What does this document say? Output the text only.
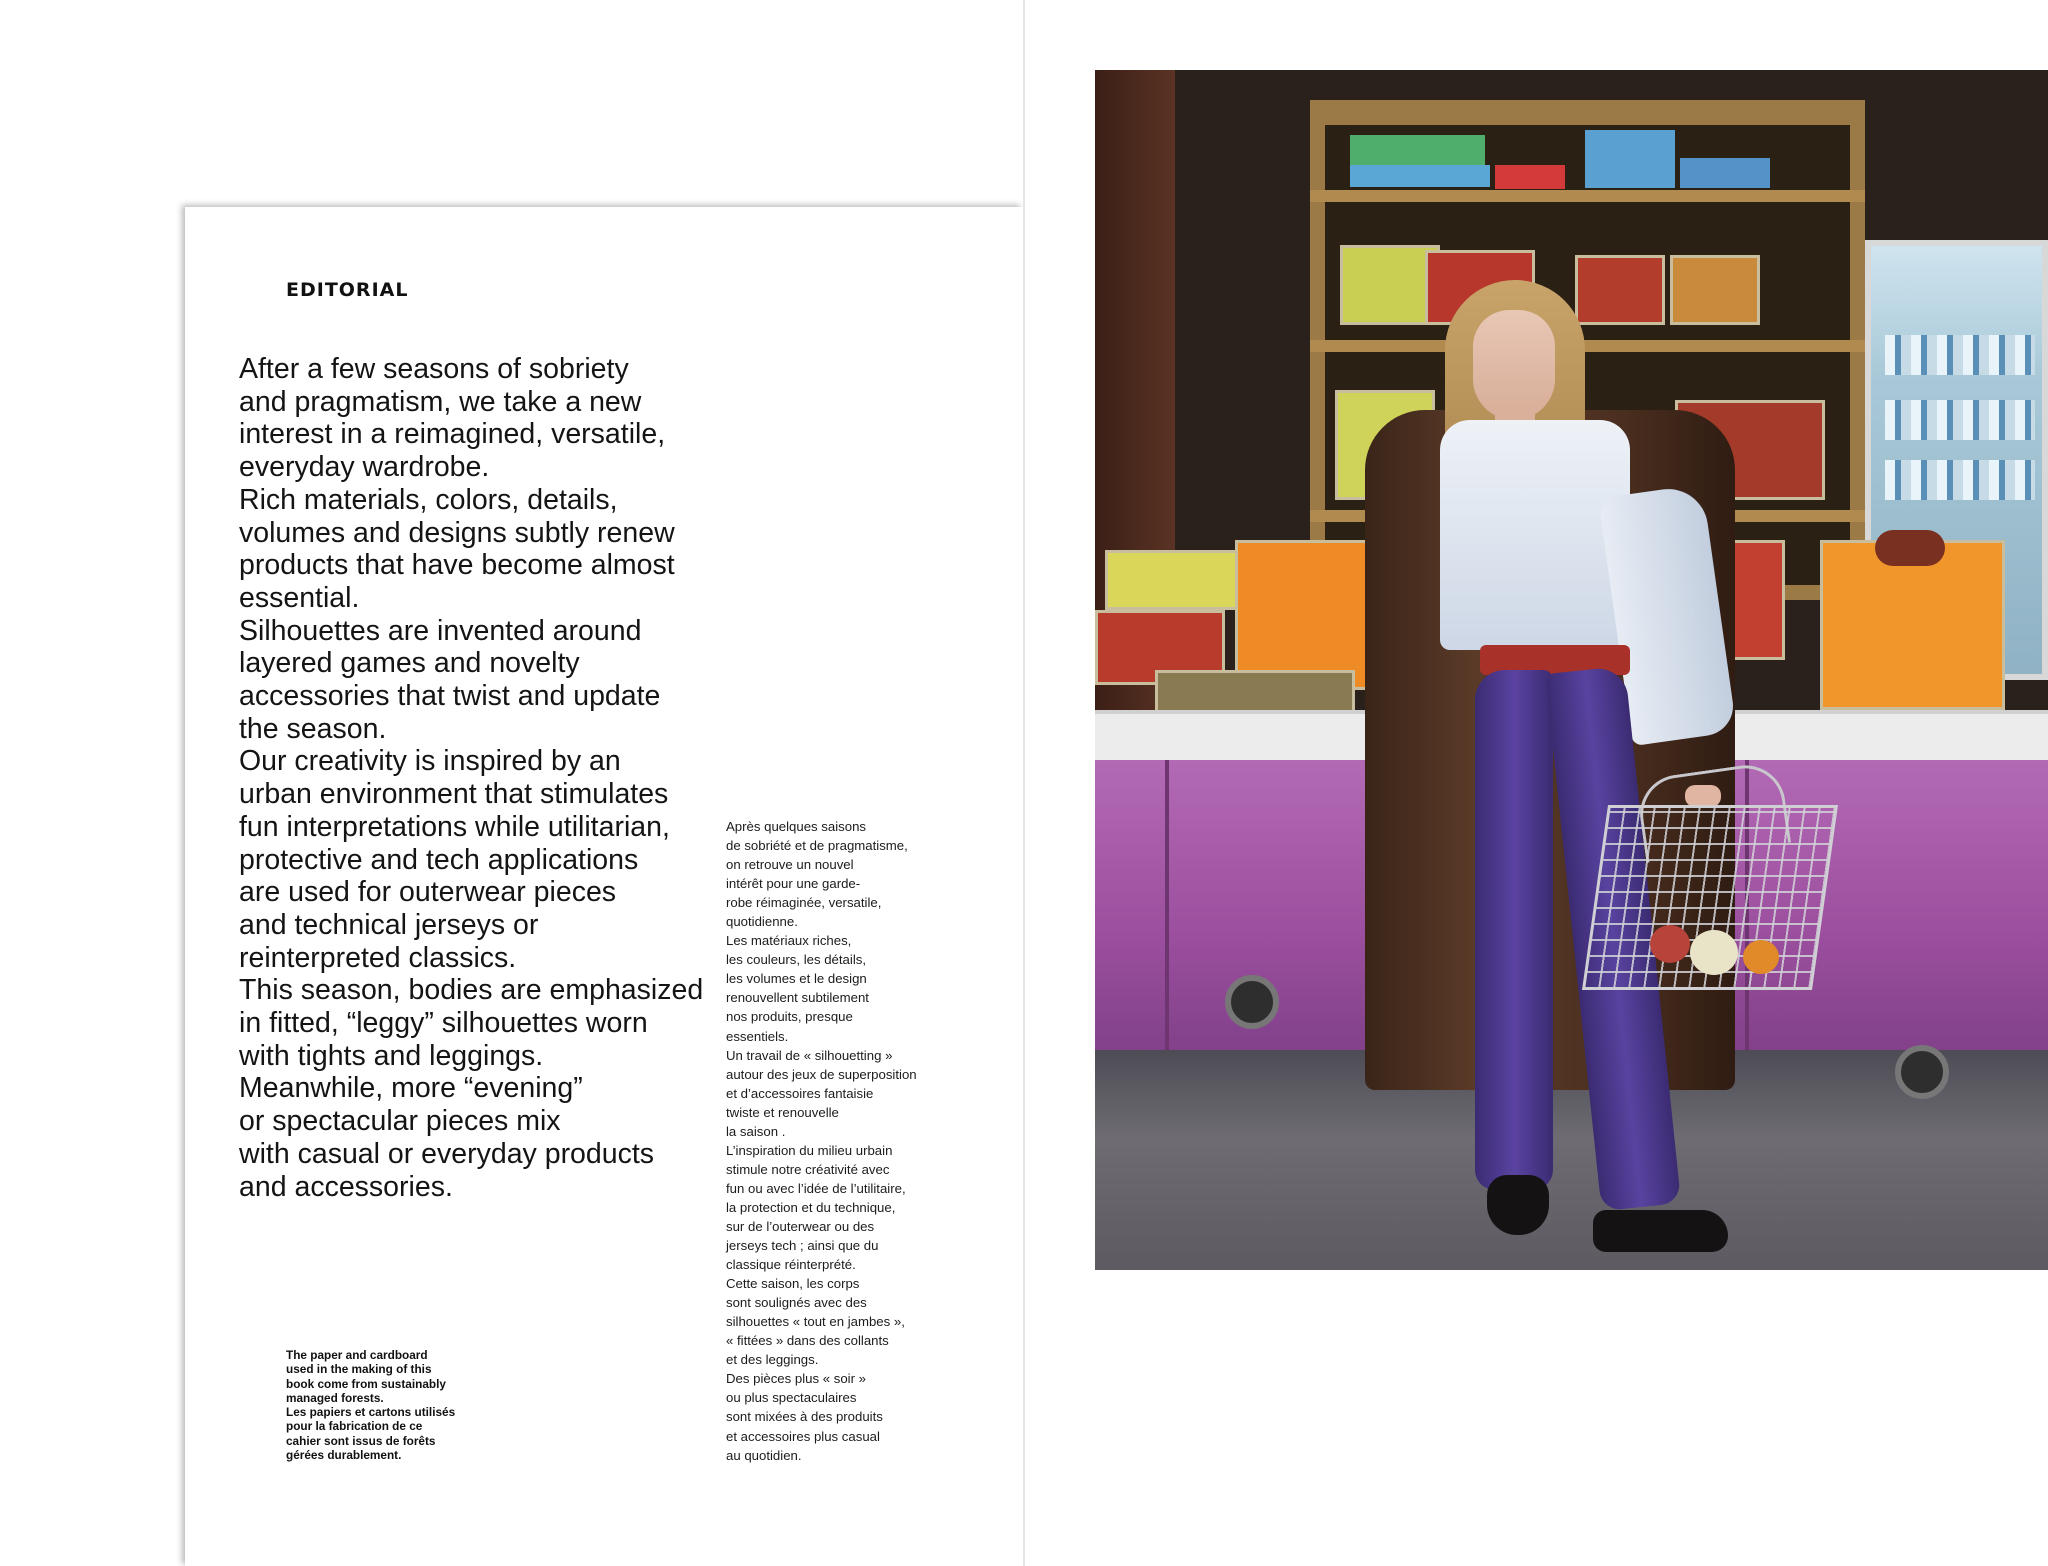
EDITORIAL

After a few seasons of sobriety
and pragmatism, we take a new
interest in a reimagined, versatile,
everyday wardrobe.
Rich materials, colors, details,
volumes and designs subtly renew
products that have become almost
essential.
Silhouettes are invented around
layered games and novelty
accessories that twist and update
the season.
Our creativity is inspired by an
urban environment that stimulates
fun interpretations while utilitarian,
protective and tech applications
are used for outerwear pieces
and technical jerseys or
reinterpreted classics.
This season, bodies are emphasized
in fitted, “leggy” silhouettes worn
with tights and leggings.
Meanwhile, more “evening”
or spectacular pieces mix
with casual or everyday products
and accessories.

Après quelques saisons
de sobriété et de pragmatisme,
on retrouve un nouvel
intérêt pour une garde-
robe réimaginée, versatile,
quotidienne.
Les matériaux riches,
les couleurs, les détails,
les volumes et le design
renouvellent subtilement
nos produits, presque
essentiels.
Un travail de « silhouetting »
autour des jeux de superposition
et d’accessoires fantaisie
twiste et renouvelle
la saison .
L’inspiration du milieu urbain
stimule notre créativité avec
fun ou avec l’idée de l’utilitaire,
la protection et du technique,
sur de l’outerwear ou des
jerseys tech ; ainsi que du
classique réinterprété.
Cette saison, les corps
sont soulignés avec des
silhouettes « tout en jambes »,
« fittées » dans des collants
et des leggings.
Des pièces plus « soir »
ou plus spectaculaires
sont mixées à des produits
et accessoires plus casual
au quotidien.

The paper and cardboard
used in the making of this
book come from sustainably
managed forests.
Les papiers et cartons utilisés
pour la fabrication de ce
cahier sont issus de forêts
gérées durablement.
